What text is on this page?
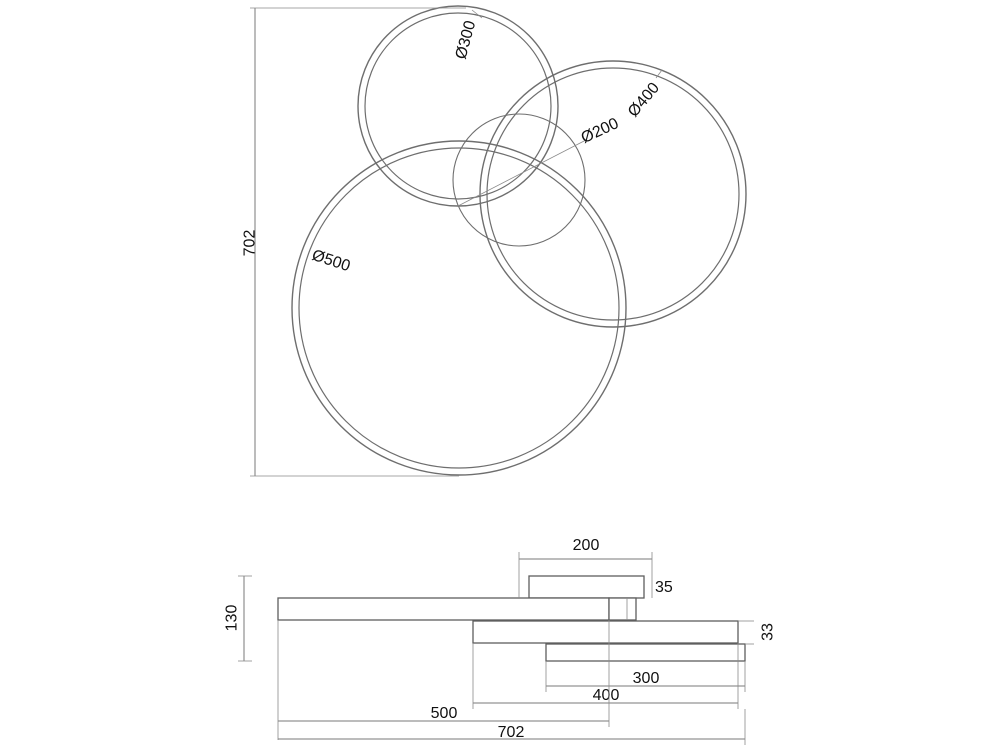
702
Ø300
Ø400
Ø200
Ø500
200
35
130
33
300
400
500
702
